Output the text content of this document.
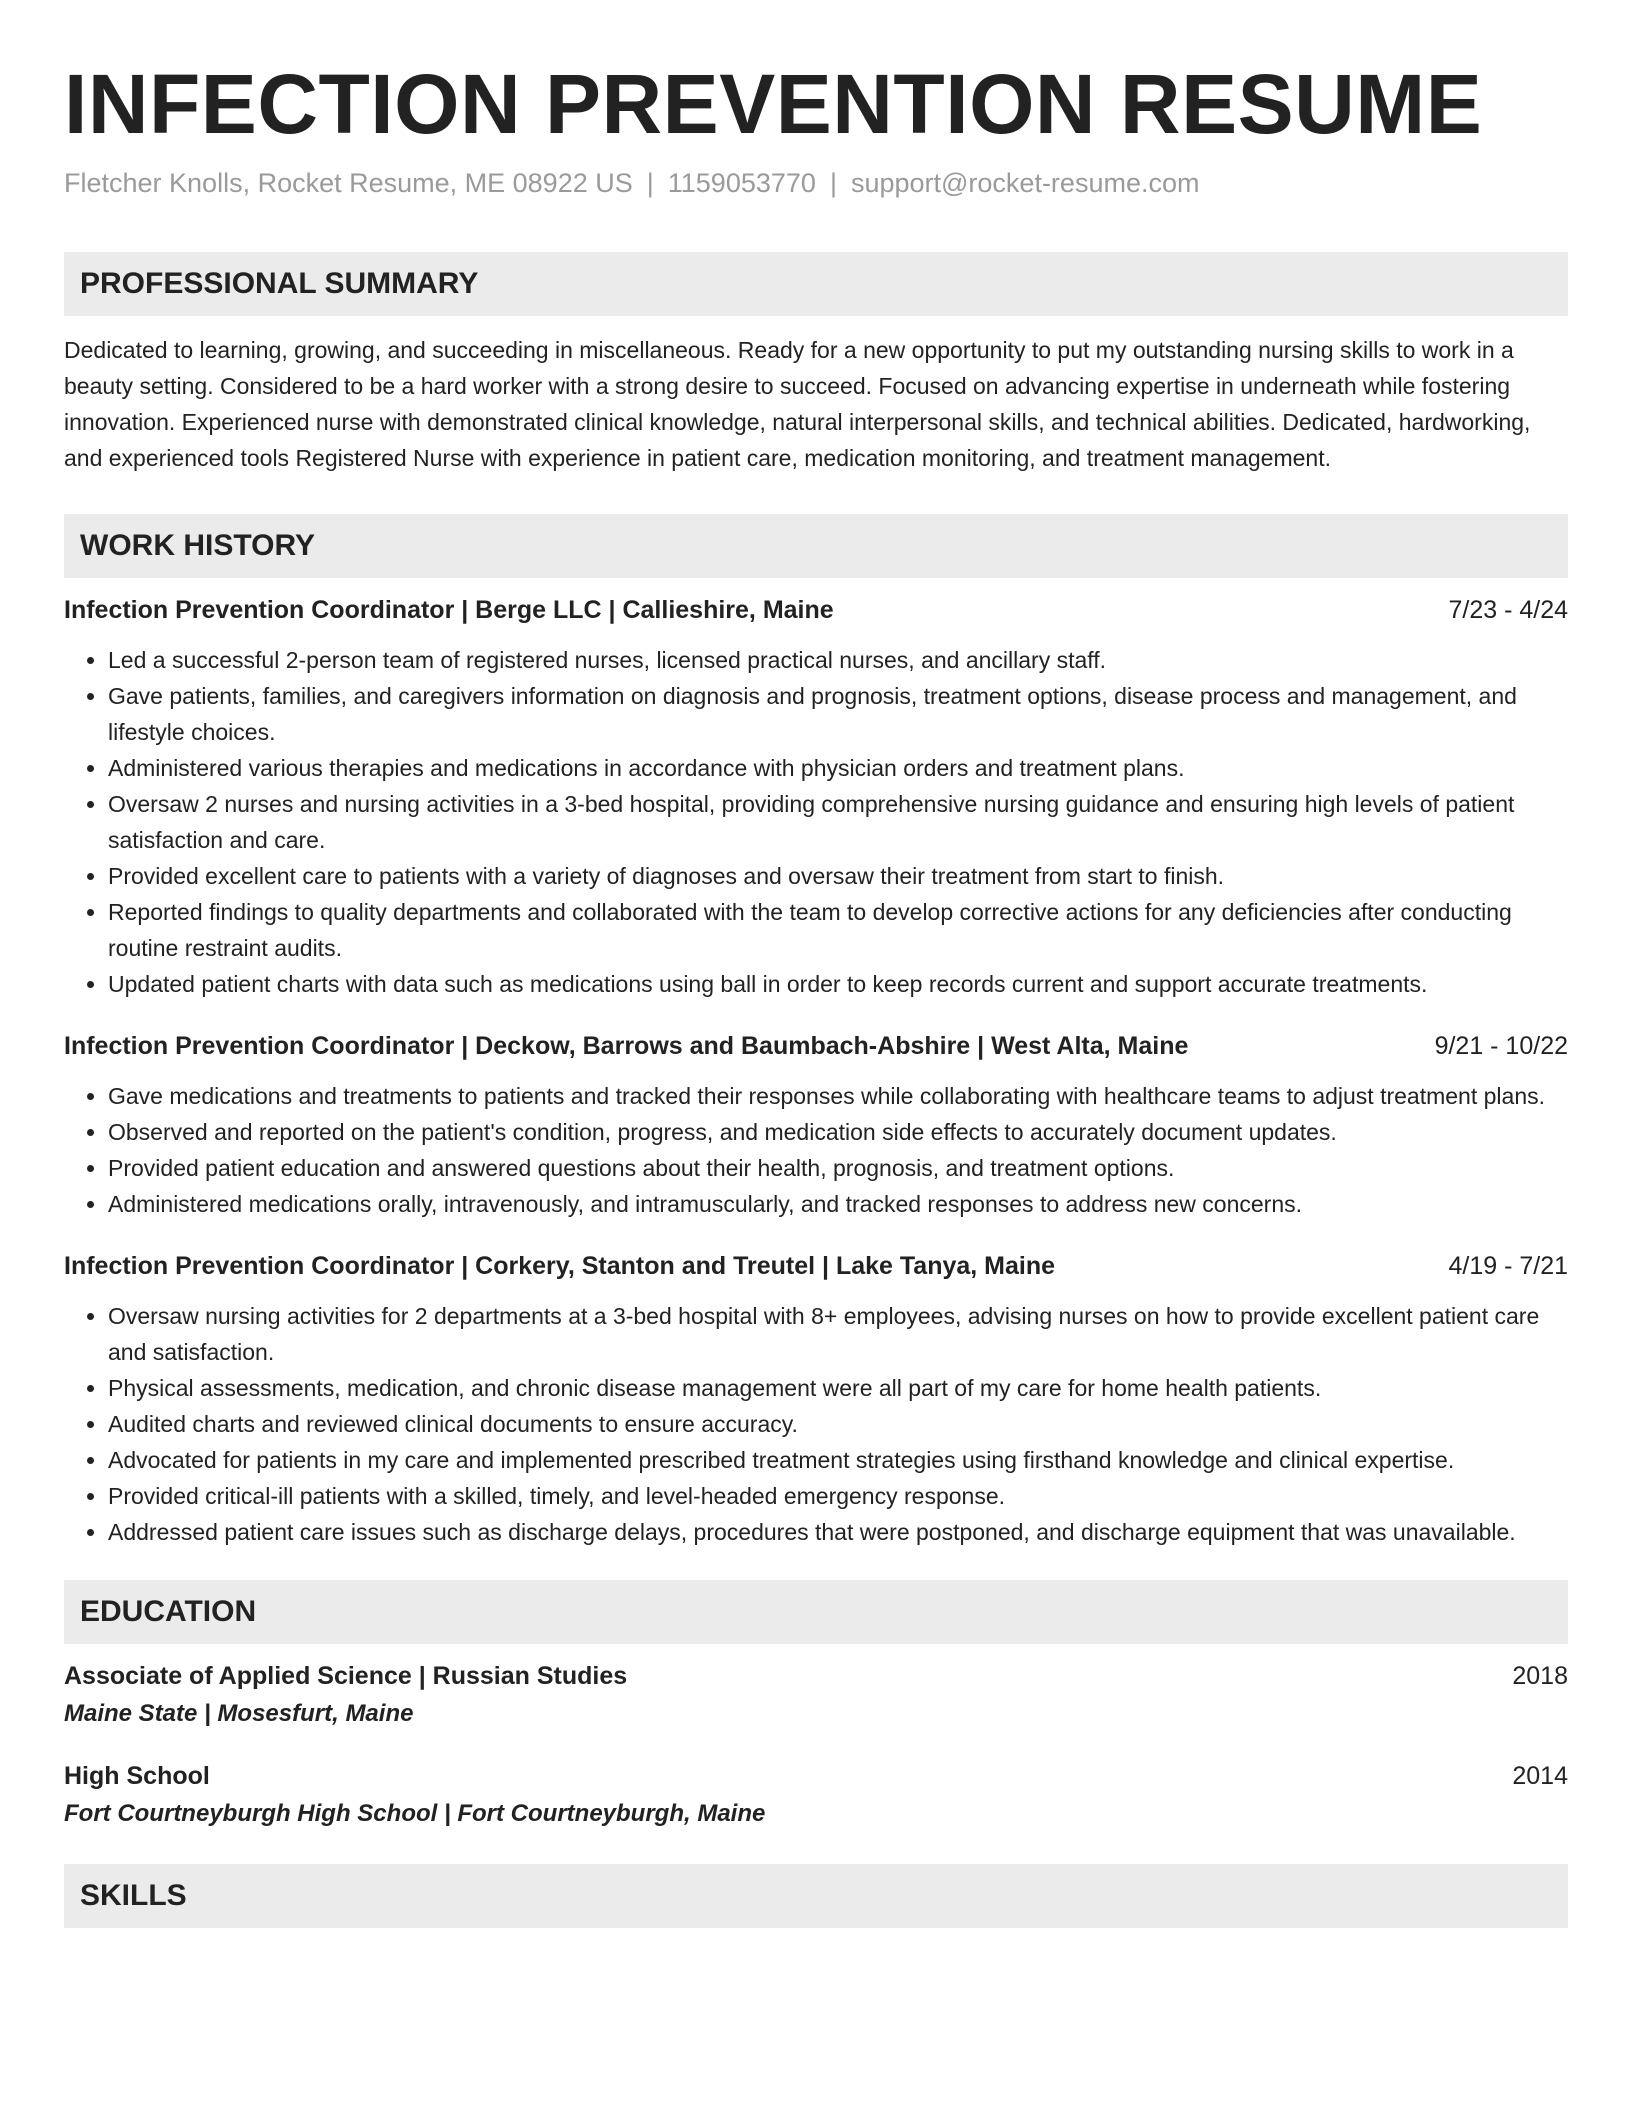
INFECTION PREVENTION RESUME
Fletcher Knolls, Rocket Resume, ME 08922 US | 1159053770 | support@rocket-resume.com
PROFESSIONAL SUMMARY
Dedicated to learning, growing, and succeeding in miscellaneous. Ready for a new opportunity to put my outstanding nursing skills to work in a beauty setting. Considered to be a hard worker with a strong desire to succeed. Focused on advancing expertise in underneath while fostering innovation. Experienced nurse with demonstrated clinical knowledge, natural interpersonal skills, and technical abilities. Dedicated, hardworking, and experienced tools Registered Nurse with experience in patient care, medication monitoring, and treatment management.
WORK HISTORY
Infection Prevention Coordinator | Berge LLC | Callieshire, Maine	7/23 - 4/24
• Led a successful 2-person team of registered nurses, licensed practical nurses, and ancillary staff.
• Gave patients, families, and caregivers information on diagnosis and prognosis, treatment options, disease process and management, and lifestyle choices.
• Administered various therapies and medications in accordance with physician orders and treatment plans.
• Oversaw 2 nurses and nursing activities in a 3-bed hospital, providing comprehensive nursing guidance and ensuring high levels of patient satisfaction and care.
• Provided excellent care to patients with a variety of diagnoses and oversaw their treatment from start to finish.
• Reported findings to quality departments and collaborated with the team to develop corrective actions for any deficiencies after conducting routine restraint audits.
• Updated patient charts with data such as medications using ball in order to keep records current and support accurate treatments.
Infection Prevention Coordinator | Deckow, Barrows and Baumbach-Abshire | West Alta, Maine	9/21 - 10/22
• Gave medications and treatments to patients and tracked their responses while collaborating with healthcare teams to adjust treatment plans.
• Observed and reported on the patient's condition, progress, and medication side effects to accurately document updates.
• Provided patient education and answered questions about their health, prognosis, and treatment options.
• Administered medications orally, intravenously, and intramuscularly, and tracked responses to address new concerns.
Infection Prevention Coordinator | Corkery, Stanton and Treutel | Lake Tanya, Maine	4/19 - 7/21
• Oversaw nursing activities for 2 departments at a 3-bed hospital with 8+ employees, advising nurses on how to provide excellent patient care and satisfaction.
• Physical assessments, medication, and chronic disease management were all part of my care for home health patients.
• Audited charts and reviewed clinical documents to ensure accuracy.
• Advocated for patients in my care and implemented prescribed treatment strategies using firsthand knowledge and clinical expertise.
• Provided critical-ill patients with a skilled, timely, and level-headed emergency response.
• Addressed patient care issues such as discharge delays, procedures that were postponed, and discharge equipment that was unavailable.
EDUCATION
Associate of Applied Science | Russian Studies	2018
Maine State | Mosesfurt, Maine
High School	2014
Fort Courtneyburgh High School | Fort Courtneyburgh, Maine
SKILLS
